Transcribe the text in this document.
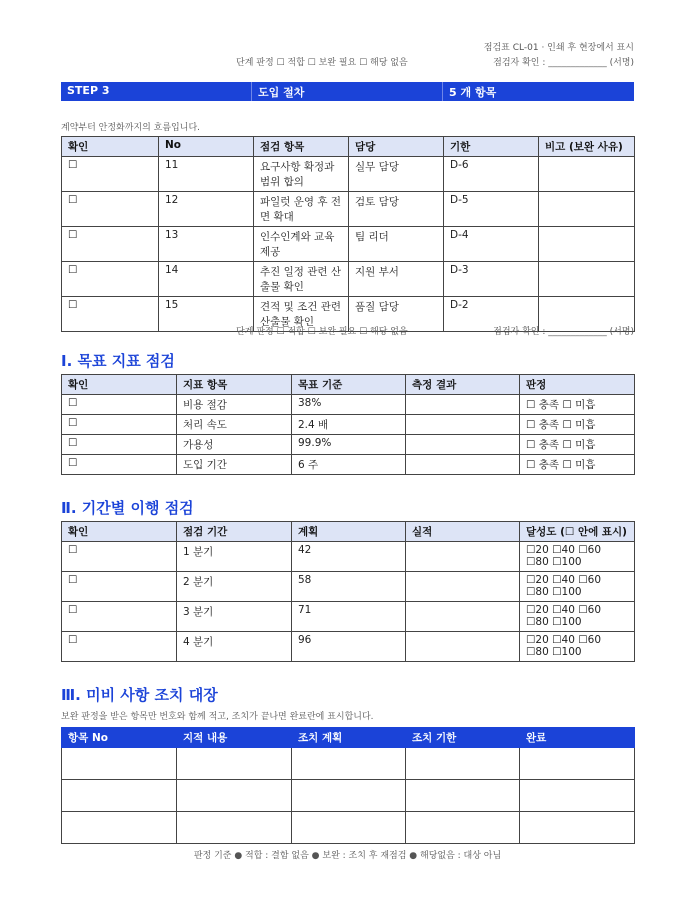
점검표 CL-01 · 인쇄 후 현장에서 표시
단계 판정 ☐ 적합 ☐ 보완 필요 ☐ 해당 없음	점검자 확인 : _____________ (서명)
STEP 3	도입 절차	5 개 항목
계약부터 안정화까지의 흐름입니다.
확인	No	점검 항목	담당	기한	비고 (보완 사유)
☐	11	요구사항 확정과 범위 합의	실무 담당	D-6	
☐	12	파일럿 운영 후 전면 확대	검토 담당	D-5	
☐	13	인수인계와 교육 제공	팀 리더	D-4	
☐	14	추진 일정 관련 산출물 확인	지원 부서	D-3	
☐	15	견적 및 조건 관련 산출물 확인	품질 담당	D-2	
단계 판정 ☐ 적합 ☐ 보완 필요 ☐ 해당 없음	점검자 확인 : _____________ (서명)
Ⅰ. 목표 지표 점검
확인	지표 항목	목표 기준	측정 결과	판정
☐	비용 절감	38%		☐ 충족 ☐ 미흡
☐	처리 속도	2.4 배		☐ 충족 ☐ 미흡
☐	가용성	99.9%		☐ 충족 ☐ 미흡
☐	도입 기간	6 주		☐ 충족 ☐ 미흡
Ⅱ. 기간별 이행 점검
확인	점검 기간	계획	실적	달성도 (☐ 안에 표시)
☐	1 분기	42		☐20 ☐40 ☐60
☐80 ☐100

☐	2 분기	58		☐20 ☐40 ☐60
☐80 ☐100

☐	3 분기	71		☐20 ☐40 ☐60
☐80 ☐100

☐	4 분기	96		☐20 ☐40 ☐60
☐80 ☐100
Ⅲ. 미비 사항 조치 대장
보완 판정을 받은 항목만 번호와 함께 적고, 조치가 끝나면 완료란에 표시합니다.
항목 No	지적 내용	조치 계획	조치 기한	완료

판정 기준 ● 적합 : 결함 없음 ● 보완 : 조치 후 재점검 ● 해당없음 : 대상 아님
